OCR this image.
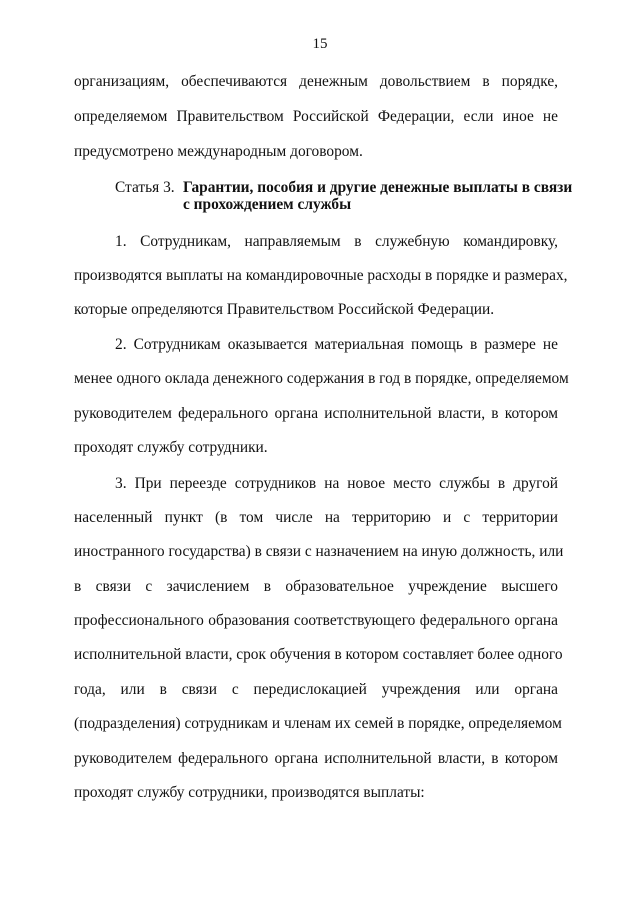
15
организациям, обеспечиваются денежным довольствием в порядке,
определяемом Правительством Российской Федерации, если иное не
предусмотрено международным договором.
Статья 3. Гарантии, пособия и другие денежные выплаты в связи
с прохождением службы
1. Сотрудникам, направляемым в служебную командировку,
производятся выплаты на командировочные расходы в порядке и размерах,
которые определяются Правительством Российской Федерации.
2. Сотрудникам оказывается материальная помощь в размере не
менее одного оклада денежного содержания в год в порядке, определяемом
руководителем федерального органа исполнительной власти, в котором
проходят службу сотрудники.
3. При переезде сотрудников на новое место службы в другой
населенный пункт (в том числе на территорию и с территории
иностранного государства) в связи с назначением на иную должность, или
в связи с зачислением в образовательное учреждение высшего
профессионального образования соответствующего федерального органа
исполнительной власти, срок обучения в котором составляет более одного
года, или в связи с передислокацией учреждения или органа
(подразделения) сотрудникам и членам их семей в порядке, определяемом
руководителем федерального органа исполнительной власти, в котором
проходят службу сотрудники, производятся выплаты:
